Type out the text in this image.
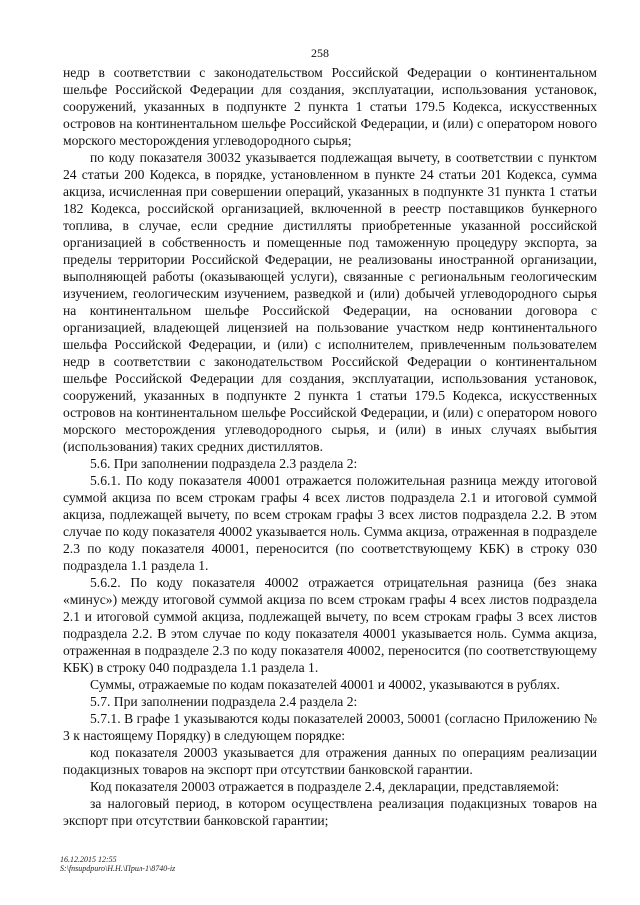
258

недр в соответствии с законодательством Российской Федерации о континентальном шельфе Российской Федерации для создания, эксплуатации, использования установок, сооружений, указанных в подпункте 2 пункта 1 статьи 179.5 Кодекса, искусственных островов на континентальном шельфе Российской Федерации, и (или) с оператором нового морского месторождения углеводородного сырья;

по коду показателя 30032 указывается подлежащая вычету, в соответствии с пунктом 24 статьи 200 Кодекса, в порядке, установленном в пункте 24 статьи 201 Кодекса, сумма акциза, исчисленная при совершении операций, указанных в подпункте 31 пункта 1 статьи 182 Кодекса, российской организацией, включенной в реестр поставщиков бункерного топлива, в случае, если средние дистилляты приобретенные указанной российской организацией в собственность и помещенные под таможенную процедуру экспорта, за пределы территории Российской Федерации, не реализованы иностранной организации, выполняющей работы (оказывающей услуги), связанные с региональным геологическим изучением, геологическим изучением, разведкой и (или) добычей углеводородного сырья на континентальном шельфе Российской Федерации, на основании договора с организацией, владеющей лицензией на пользование участком недр континентального шельфа Российской Федерации, и (или) с исполнителем, привлеченным пользователем недр в соответствии с законодательством Российской Федерации о континентальном шельфе Российской Федерации для создания, эксплуатации, использования установок, сооружений, указанных в подпункте 2 пункта 1 статьи 179.5 Кодекса, искусственных островов на континентальном шельфе Российской Федерации, и (или) с оператором нового морского месторождения углеводородного сырья, и (или) в иных случаях выбытия (использования) таких средних дистиллятов.

5.6. При заполнении подраздела 2.3 раздела 2:

5.6.1. По коду показателя 40001 отражается положительная разница между итоговой суммой акциза по всем строкам графы 4 всех листов подраздела 2.1 и итоговой суммой акциза, подлежащей вычету, по всем строкам графы 3 всех листов подраздела 2.2. В этом случае по коду показателя 40002 указывается ноль. Сумма акциза, отраженная в подразделе 2.3 по коду показателя 40001, переносится (по соответствующему КБК) в строку 030 подраздела 1.1 раздела 1.

5.6.2. По коду показателя 40002 отражается отрицательная разница (без знака «минус») между итоговой суммой акциза по всем строкам графы 4 всех листов подраздела 2.1 и итоговой суммой акциза, подлежащей вычету, по всем строкам графы 3 всех листов подраздела 2.2. В этом случае по коду показателя 40001 указывается ноль. Сумма акциза, отраженная в подразделе 2.3 по коду показателя 40002, переносится (по соответствующему КБК) в строку 040 подраздела 1.1 раздела 1.

Суммы, отражаемые по кодам показателей 40001 и 40002, указываются в рублях.

5.7. При заполнении подраздела 2.4 раздела 2:

5.7.1. В графе 1 указываются коды показателей 20003, 50001 (согласно Приложению № 3 к настоящему Порядку) в следующем порядке:

код показателя 20003 указывается для отражения данных по операциям реализации подакцизных товаров на экспорт при отсутствии банковской гарантии.

Код показателя 20003 отражается в подразделе 2.4, декларации, представляемой:

за налоговый период, в котором осуществлена реализация подакцизных товаров на экспорт при отсутствии банковской гарантии;

16.12.2015 12:55
S:\fnsupdpuro\Н.Н.\Прил-1\8740-iz
